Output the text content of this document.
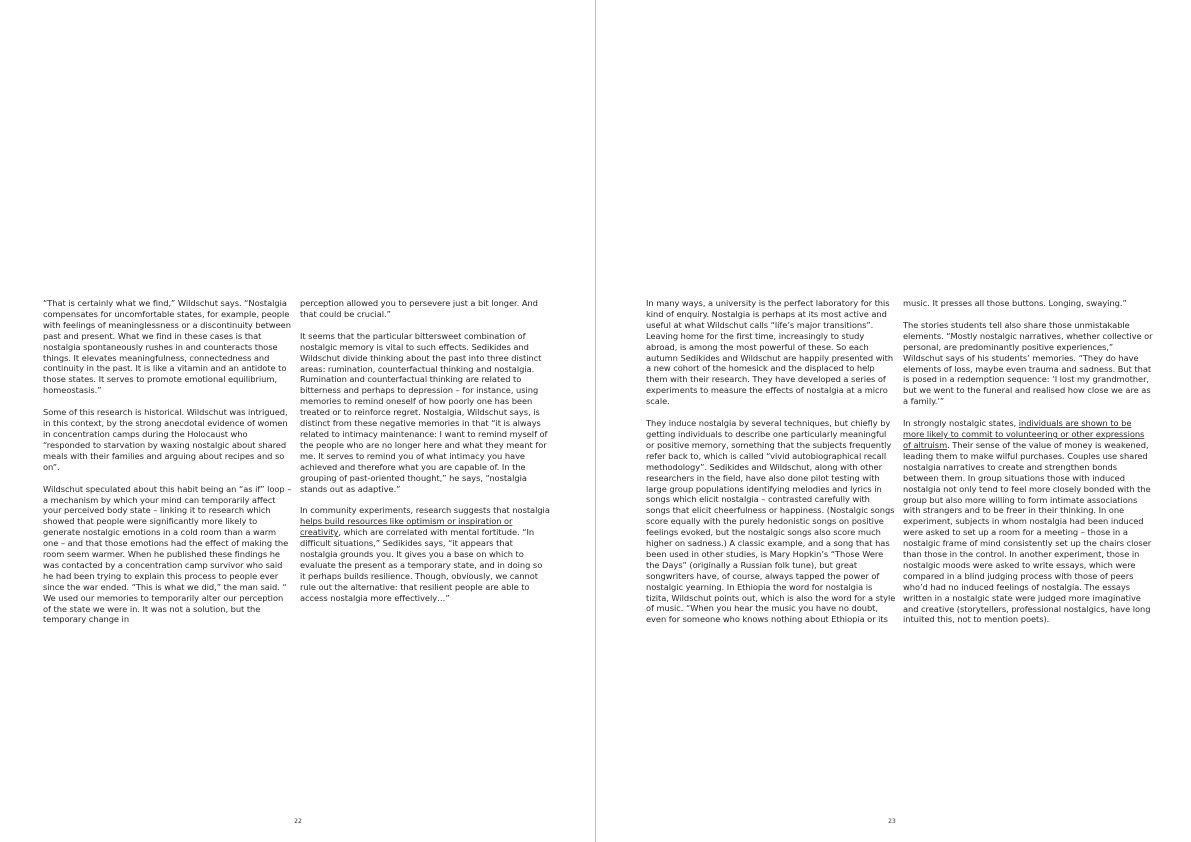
“That is certainly what we find,” Wildschut says. “Nostalgia compensates for uncomfortable states, for example, people with feelings of meaninglessness or a discontinuity between past and present. What we find in these cases is that nostalgia spontaneously rushes in and counteracts those things. It elevates meaningfulness, connectedness and continuity in the past. It is like a vitamin and an antidote to those states. It serves to promote emotional equilibrium, homeostasis.”

Some of this research is historical. Wildschut was intrigued, in this context, by the strong anecdotal evidence of women in concentration camps during the Holocaust who “responded to starvation by waxing nostalgic about shared meals with their families and arguing about recipes and so on”.

Wildschut speculated about this habit being an “as if” loop – a mechanism by which your mind can temporarily affect your perceived body state – linking it to research which showed that people were significantly more likely to generate nostalgic emotions in a cold room than a warm one – and that those emotions had the effect of making the room seem warmer. When he published these findings he was contacted by a concentration camp survivor who said he had been trying to explain this process to people ever since the war ended. “This is what we did,” the man said. “ We used our memories to temporarily alter our perception of the state we were in. It was not a solution, but the temporary change in

perception allowed you to persevere just a bit longer. And that could be crucial.”

It seems that the particular bittersweet combination of nostalgic memory is vital to such effects. Sedikides and Wildschut divide thinking about the past into three distinct areas: rumination, counterfactual thinking and nostalgia. Rumination and counterfactual thinking are related to bitterness and perhaps to depression – for instance, using memories to remind oneself of how poorly one has been treated or to reinforce regret. Nostalgia, Wildschut says, is distinct from these negative memories in that “it is always related to intimacy maintenance: I want to remind myself of the people who are no longer here and what they meant for me. It serves to remind you of what intimacy you have achieved and therefore what you are capable of. In the grouping of past-oriented thought,” he says, “nostalgia stands out as adaptive.”

In community experiments, research suggests that nostalgia helps build resources like optimism or inspiration or creativity, which are correlated with mental fortitude. “In difficult situations,” Sedikides says, “it appears that nostalgia grounds you. It gives you a base on which to evaluate the present as a temporary state, and in doing so it perhaps builds resilience. Though, obviously, we cannot rule out the alternative: that resilient people are able to access nostalgia more effectively…”

22

In many ways, a university is the perfect laboratory for this kind of enquiry. Nostalgia is perhaps at its most active and useful at what Wildschut calls “life’s major transitions”. Leaving home for the first time, increasingly to study abroad, is among the most powerful of these. So each autumn Sedikides and Wildschut are happily presented with a new cohort of the homesick and the displaced to help them with their research. They have developed a series of experiments to measure the effects of nostalgia at a micro scale.

They induce nostalgia by several techniques, but chiefly by getting individuals to describe one particularly meaningful or positive memory, something that the subjects frequently refer back to, which is called “vivid autobiographical recall methodology”. Sedikides and Wildschut, along with other researchers in the field, have also done pilot testing with large group populations identifying melodies and lyrics in songs which elicit nostalgia – contrasted carefully with songs that elicit cheerfulness or happiness. (Nostalgic songs score equally with the purely hedonistic songs on positive feelings evoked, but the nostalgic songs also score much higher on sadness.) A classic example, and a song that has been used in other studies, is Mary Hopkin’s “Those Were the Days” (originally a Russian folk tune), but great songwriters have, of course, always tapped the power of nostalgic yearning. In Ethiopia the word for nostalgia is tizita, Wildschut points out, which is also the word for a style of music. “When you hear the music you have no doubt, even for someone who knows nothing about Ethiopia or its

music. It presses all those buttons. Longing, swaying.”

The stories students tell also share those unmistakable elements. “Mostly nostalgic narratives, whether collective or personal, are predominantly positive experiences,” Wildschut says of his students’ memories. “They do have elements of loss, maybe even trauma and sadness. But that is posed in a redemption sequence: ‘I lost my grandmother, but we went to the funeral and realised how close we are as a family.’”

In strongly nostalgic states, individuals are shown to be more likely to commit to volunteering or other expressions of altruism. Their sense of the value of money is weakened, leading them to make wilful purchases. Couples use shared nostalgia narratives to create and strengthen bonds between them. In group situations those with induced nostalgia not only tend to feel more closely bonded with the group but also more willing to form intimate associations with strangers and to be freer in their thinking. In one experiment, subjects in whom nostalgia had been induced were asked to set up a room for a meeting – those in a nostalgic frame of mind consistently set up the chairs closer than those in the control. In another experiment, those in nostalgic moods were asked to write essays, which were compared in a blind judging process with those of peers who’d had no induced feelings of nostalgia. The essays written in a nostalgic state were judged more imaginative and creative (storytellers, professional nostalgics, have long intuited this, not to mention poets).

23
